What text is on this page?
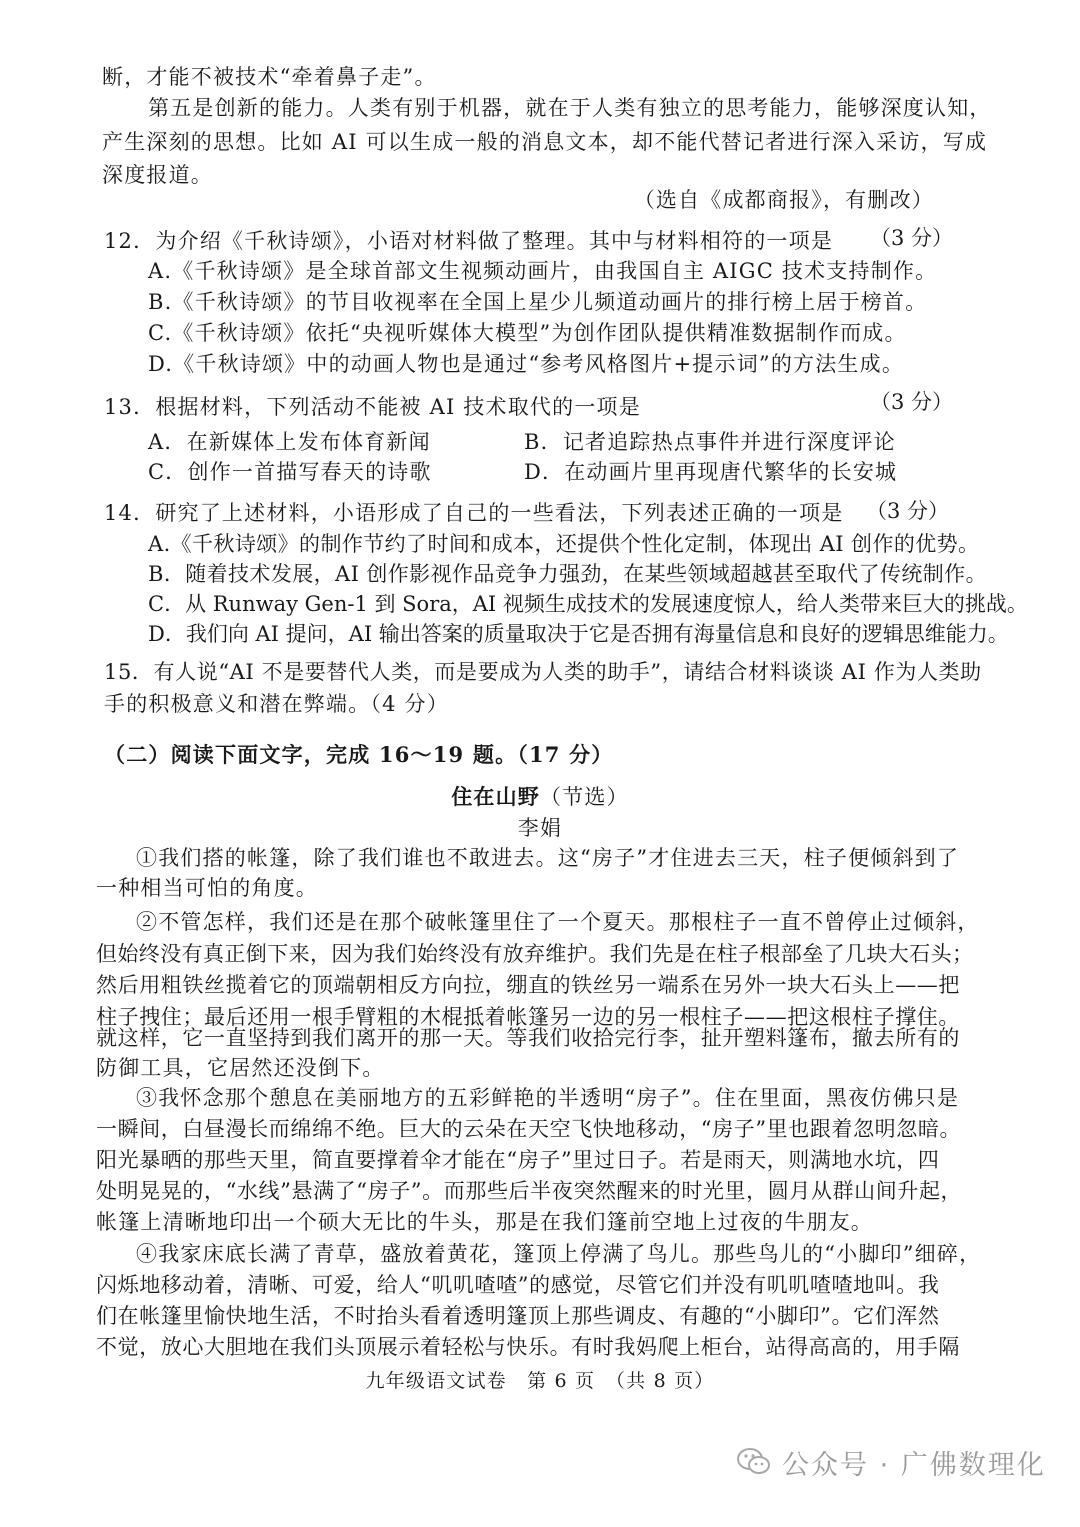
断，才能不被技术“牵着鼻子走”。
第五是创新的能力。人类有别于机器，就在于人类有独立的思考能力，能够深度认知，
产生深刻的思想。比如 AI 可以生成一般的消息文本，却不能代替记者进行深入采访，写成
深度报道。
（选自《成都商报》，有删改）
12．为介绍《千秋诗颂》，小语对材料做了整理。其中与材料相符的一项是 （3 分）
A.《千秋诗颂》是全球首部文生视频动画片，由我国自主 AIGC 技术支持制作。
B.《千秋诗颂》的节目收视率在全国上星少儿频道动画片的排行榜上居于榜首。
C.《千秋诗颂》依托“央视听媒体大模型”为创作团队提供精准数据制作而成。
D.《千秋诗颂》中的动画人物也是通过“参考风格图片+提示词”的方法生成。
13．根据材料，下列活动不能被 AI 技术取代的一项是	（3 分）
A．在新媒体上发布体育新闻	B．记者追踪热点事件并进行深度评论
C．创作一首描写春天的诗歌	D．在动画片里再现唐代繁华的长安城
14．研究了上述材料，小语形成了自己的一些看法，下列表述正确的一项是 （3 分）
A.《千秋诗颂》的制作节约了时间和成本，还提供个性化定制，体现出 AI 创作的优势。
B．随着技术发展，AI 创作影视作品竞争力强劲，在某些领域超越甚至取代了传统制作。
C．从 Runway Gen-1 到 Sora，AI 视频生成技术的发展速度惊人，给人类带来巨大的挑战。
D．我们向 AI 提问，AI 输出答案的质量取决于它是否拥有海量信息和良好的逻辑思维能力。
15．有人说“AI 不是要替代人类，而是要成为人类的助手”，请结合材料谈谈 AI 作为人类助
手的积极意义和潜在弊端。（4 分）
（二）阅读下面文字，完成 16～19 题。（17 分）
住在山野（节选）
李娟
①我们搭的帐篷，除了我们谁也不敢进去。这“房子”才住进去三天，柱子便倾斜到了
一种相当可怕的角度。
②不管怎样，我们还是在那个破帐篷里住了一个夏天。那根柱子一直不曾停止过倾斜，
但始终没有真正倒下来，因为我们始终没有放弃维护。我们先是在柱子根部垒了几块大石头；
然后用粗铁丝揽着它的顶端朝相反方向拉，绷直的铁丝另一端系在另外一块大石头上——把
柱子拽住；最后还用一根手臂粗的木棍抵着帐篷另一边的另一根柱子——把这根柱子撑住。
就这样，它一直坚持到我们离开的那一天。等我们收拾完行李，扯开塑料篷布，撤去所有的
防御工具，它居然还没倒下。
③我怀念那个憩息在美丽地方的五彩鲜艳的半透明“房子”。住在里面，黑夜仿佛只是
一瞬间，白昼漫长而绵绵不绝。巨大的云朵在天空飞快地移动，“房子”里也跟着忽明忽暗。
阳光暴晒的那些天里，简直要撑着伞才能在“房子”里过日子。若是雨天，则满地水坑，四
处明晃晃的，“水线”悬满了“房子”。而那些后半夜突然醒来的时光里，圆月从群山间升起，
帐篷上清晰地印出一个硕大无比的牛头，那是在我们篷前空地上过夜的牛朋友。
④我家床底长满了青草，盛放着黄花，篷顶上停满了鸟儿。那些鸟儿的“小脚印”细碎，
闪烁地移动着，清晰、可爱，给人“叽叽喳喳”的感觉，尽管它们并没有叽叽喳喳地叫。我
们在帐篷里愉快地生活，不时抬头看着透明篷顶上那些调皮、有趣的“小脚印”。它们浑然
不觉，放心大胆地在我们头顶展示着轻松与快乐。有时我妈爬上柜台，站得高高的，用手隔
九年级语文试卷　第 6 页　（共 8 页）
公众号 · 广佛数理化
